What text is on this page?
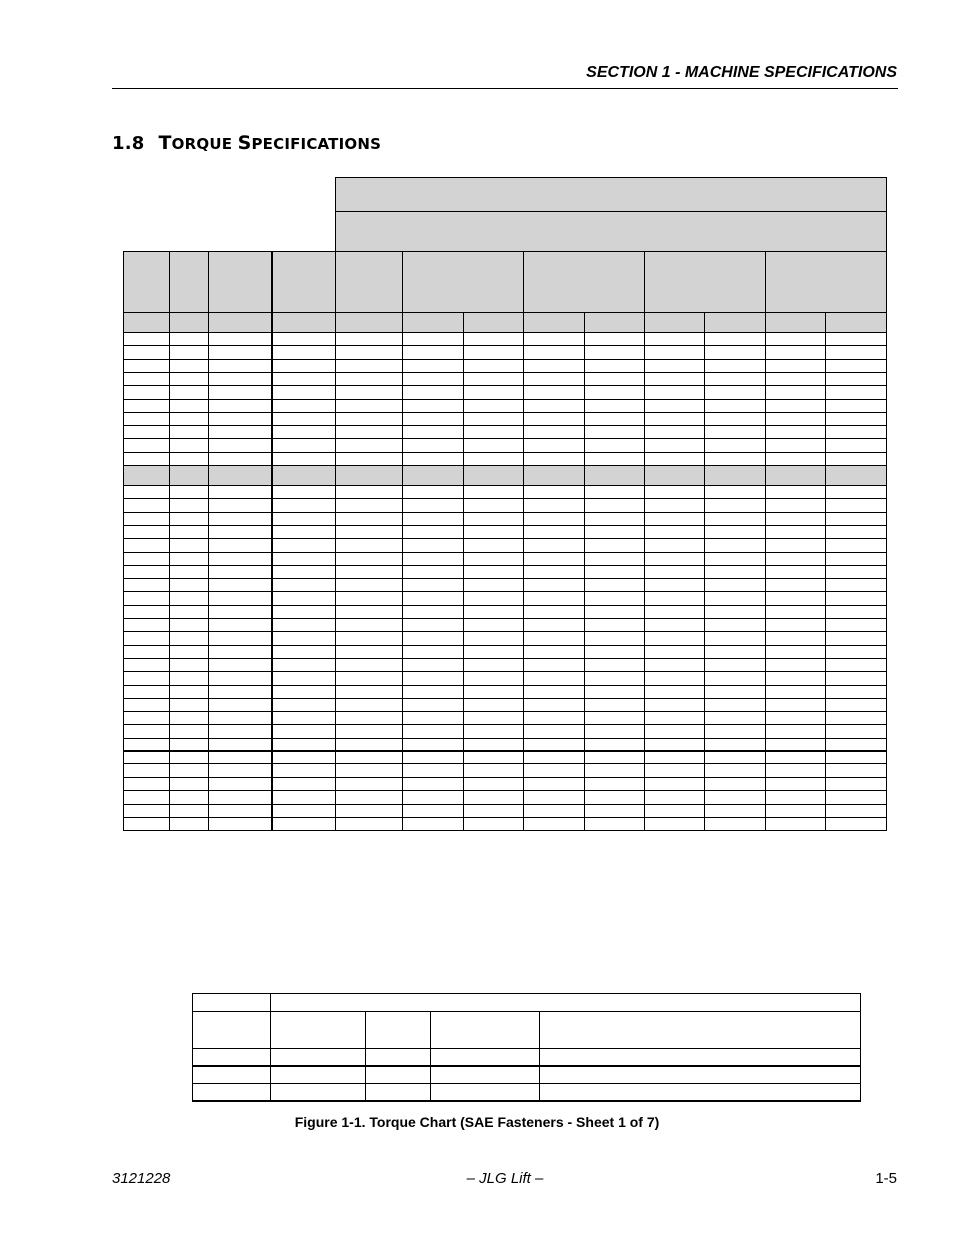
SECTION 1 - MACHINE SPECIFICATIONS
1.8 TORQUE SPECIFICATIONS
Figure 1-1. Torque Chart (SAE Fasteners - Sheet 1 of 7)
3121228	– JLG Lift –	1-5
